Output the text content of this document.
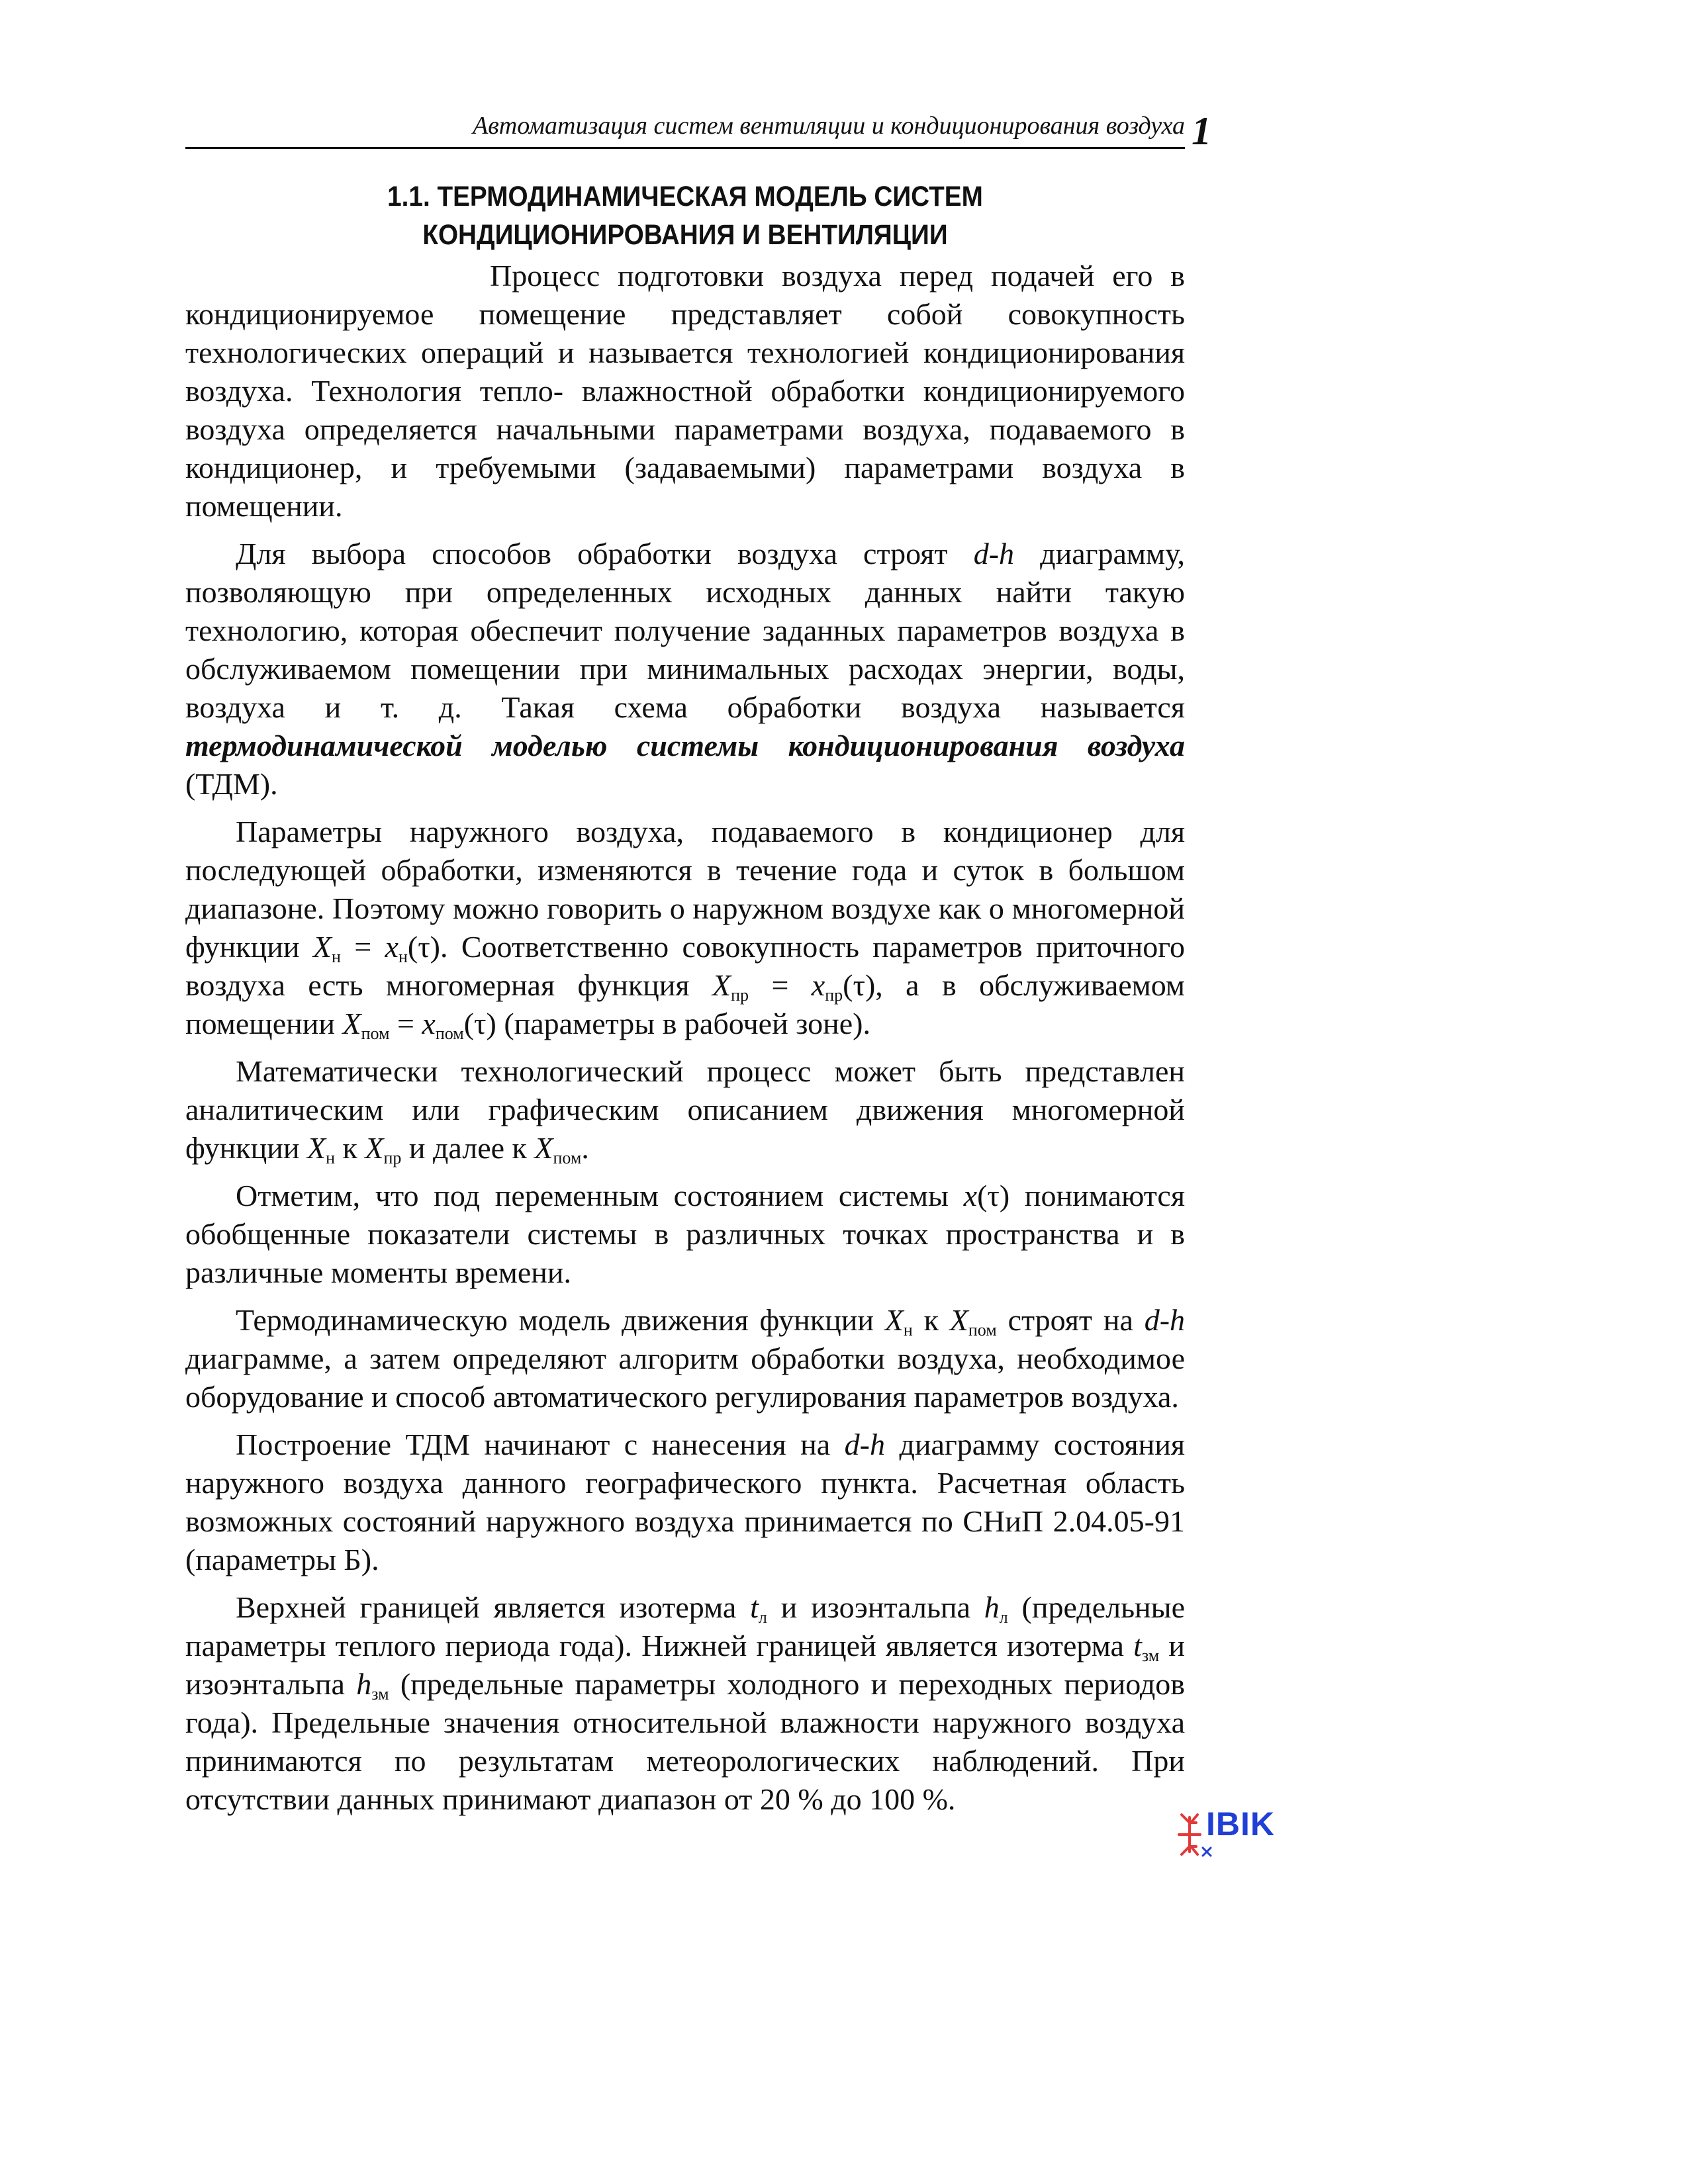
Автоматизация систем вентиляции и кондиционирования воздуха 1
1.1. ТЕРМОДИНАМИЧЕСКАЯ МОДЕЛЬ СИСТЕМ
КОНДИЦИОНИРОВАНИЯ И ВЕНТИЛЯЦИИ

Процесс подготовки воздуха перед подачей его в кондиционируемое помещение представляет собой совокупность технологических операций и называется технологией кондиционирования воздуха. Технология тепло- влажностной обработки кондиционируемого воздуха определяется начальными параметрами воздуха, подаваемого в кондиционер, и требуемыми (задаваемыми) параметрами воздуха в помещении.

Для выбора способов обработки воздуха строят d-h диаграмму, позволяющую при определенных исходных данных найти такую технологию, которая обеспечит получение заданных параметров воздуха в обслуживаемом помещении при минимальных расходах энергии, воды, воздуха и т. д. Такая схема обработки воздуха называется термодинамической моделью системы кондиционирования воздуха (ТДМ).

Параметры наружного воздуха, подаваемого в кондиционер для последующей обработки, изменяются в течение года и суток в большом диапазоне. Поэтому можно говорить о наружном воздухе как о многомерной функции $X_н = x_н(\tau)$. Соответственно совокупность параметров приточного воздуха есть многомерная функция $X_{пр} = x_{пр}(\tau)$, а в обслуживаемом помещении $X_{пом} = x_{пом}(\tau)$ (параметры в рабочей зоне).

Математически технологический процесс может быть представлен аналитическим или графическим описанием движения многомерной функции $X_н$ к $X_{пр}$ и далее к $X_{пом}$.

Отметим, что под переменным состоянием системы x(τ) понимаются обобщенные показатели системы в различных точках пространства и в различные моменты времени.

Термодинамическую модель движения функции $X_н$ к $X_{пом}$ строят на d-h диаграмме, а затем определяют алгоритм обработки воздуха, необходимое оборудование и способ автоматического регулирования параметров воздуха.

Построение ТДМ начинают с нанесения на d-h диаграмму состояния наружного воздуха данного географического пункта. Расчетная область возможных состояний наружного воздуха принимается по СНиП 2.04.05-91 (параметры Б).

Верхней границей является изотерма $t_л$ и изоэнтальпа $h_л$ (предельные параметры теплого периода года). Нижней границей является изотерма $t_{зм}$ и изоэнтальпа $h_{зм}$ (предельные параметры холодного и переходных периодов года). Предельные значения относительной влажности наружного воздуха принимаются по результатам метеорологических наблюдений. При отсутствии данных принимают диапазон от 20 % до 100 %.

IBIK
